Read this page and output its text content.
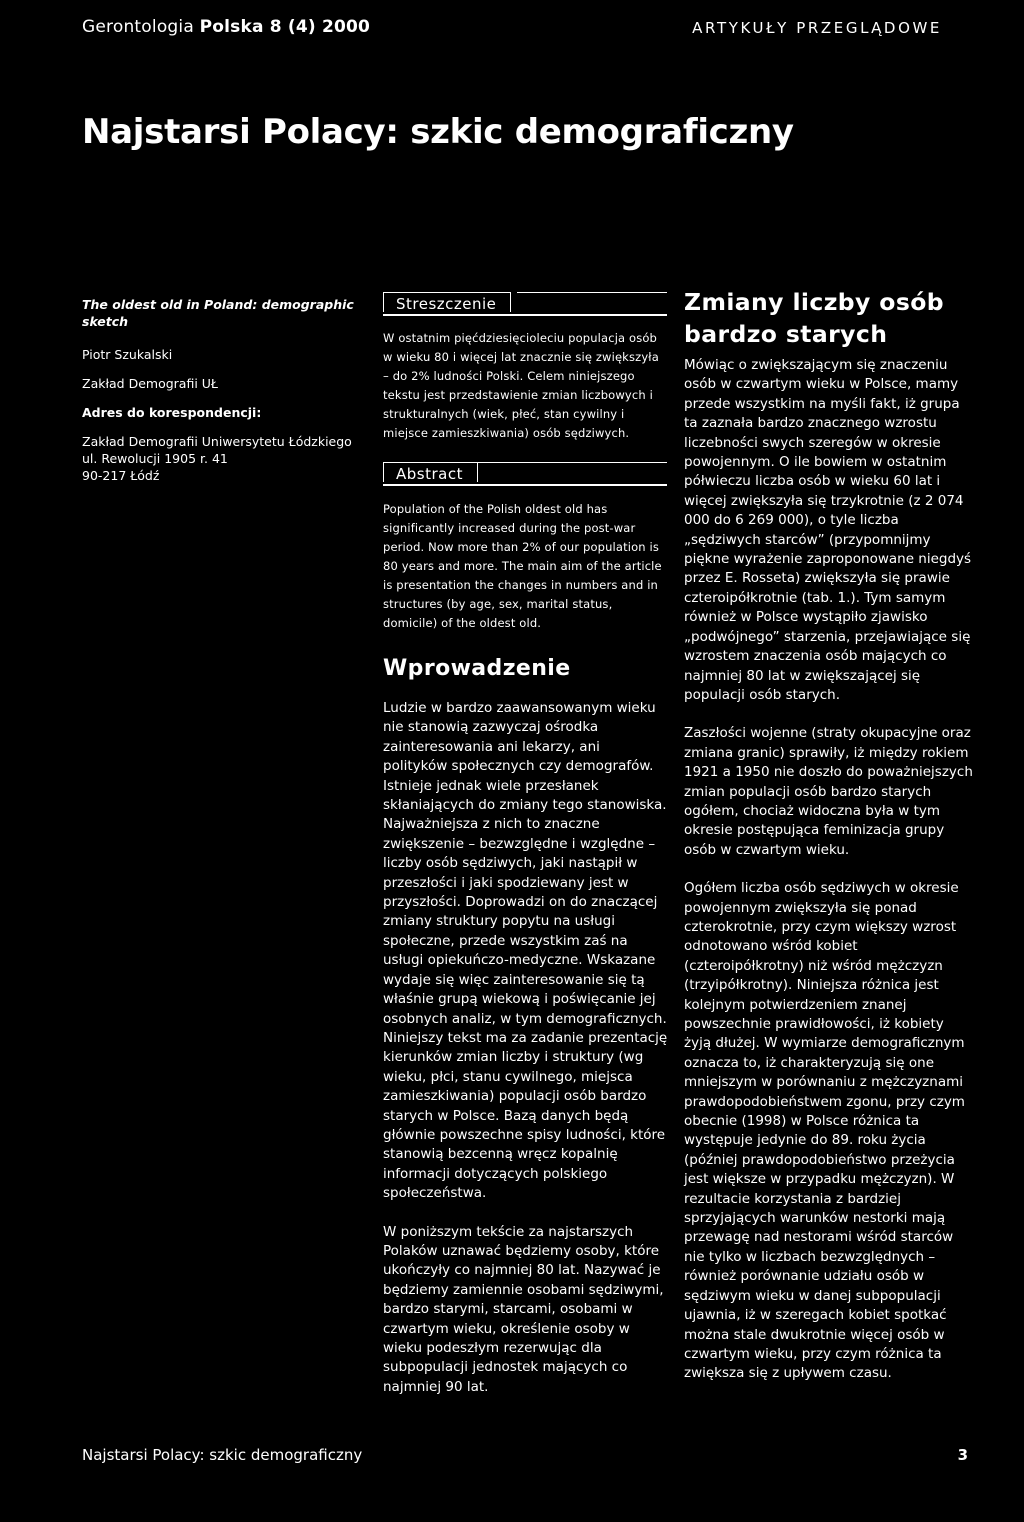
Gerontologia Polska 8 (4) 2000	ARTYKUŁY PRZEGLĄDOWE
Najstarsi Polacy: szkic demograficzny

The oldest old in Poland: demographic sketch

Piotr Szukalski

Zakład Demografii UŁ

Adres do korespondencji:

Zakład Demografii Uniwersytetu Łódzkiego

ul. Rewolucji 1905 r. 41

90-217 Łódź

Streszczenie
W ostatnim pięćdziesięcioleciu populacja osób w wieku 80 i więcej lat znacznie się zwiększyła – do 2% ludności Polski. Celem niniejszego tekstu jest przedstawienie zmian liczbowych i strukturalnych (wiek, płeć, stan cywilny i miejsce zamieszkiwania) osób sędziwych.
Abstract
Population of the Polish oldest old has significantly increased during the post-war period. Now more than 2% of our population is 80 years and more. The main aim of the article is presentation the changes in numbers and in structures (by age, sex, marital status, domicile) of the oldest old.
Wprowadzenie

Ludzie w bardzo zaawansowanym wieku nie stanowią zazwyczaj ośrodka zainteresowania ani lekarzy, ani polityków społecznych czy demografów. Istnieje jednak wiele przesłanek skłaniających do zmiany tego stanowiska. Najważniejsza z nich to znaczne zwiększenie – bezwzględne i względne – liczby osób sędziwych, jaki nastąpił w przeszłości i jaki spodziewany jest w przyszłości. Doprowadzi on do znaczącej zmiany struktury popytu na usługi społeczne, przede wszystkim zaś na usługi opiekuńczo-medyczne. Wskazane wydaje się więc zainteresowanie się tą właśnie grupą wiekową i poświęcanie jej osobnych analiz, w tym demograficznych. Niniejszy tekst ma za zadanie prezentację kierunków zmian liczby i struktury (wg wieku, płci, stanu cywilnego, miejsca zamieszkiwania) populacji osób bardzo starych w Polsce. Bazą danych będą głównie powszechne spisy ludności, które stanowią bezcenną wręcz kopalnię informacji dotyczących polskiego społeczeństwa.

W poniższym tekście za najstarszych Polaków uznawać będziemy osoby, które ukończyły co najmniej 80 lat. Nazywać je będziemy zamiennie osobami sędziwymi, bardzo starymi, starcami, osobami w czwartym wieku, określenie osoby w wieku podeszłym rezerwując dla subpopulacji jednostek mających co najmniej 90 lat.

Zmiany liczby osób bardzo starych

Mówiąc o zwiększającym się znaczeniu osób w czwartym wieku w Polsce, mamy przede wszystkim na myśli fakt, iż grupa ta zaznała bardzo znacznego wzrostu liczebności swych szeregów w okresie powojennym. O ile bowiem w ostatnim półwieczu liczba osób w wieku 60 lat i więcej zwiększyła się trzykrotnie (z 2 074 000 do 6 269 000), o tyle liczba „sędziwych starców” (przypomnijmy piękne wyrażenie zaproponowane niegdyś przez E. Rosseta) zwiększyła się prawie czteroipółkrotnie (tab. 1.). Tym samym również w Polsce wystąpiło zjawisko „podwójnego” starzenia, przejawiające się wzrostem znaczenia osób mających co najmniej 80 lat w zwiększającej się populacji osób starych.

Zaszłości wojenne (straty okupacyjne oraz zmiana granic) sprawiły, iż między rokiem 1921 a 1950 nie doszło do poważniejszych zmian populacji osób bardzo starych ogółem, chociaż widoczna była w tym okresie postępująca feminizacja grupy osób w czwartym wieku.

Ogółem liczba osób sędziwych w okresie powojennym zwiększyła się ponad czterokrotnie, przy czym większy wzrost odnotowano wśród kobiet (czteroipółkrotny) niż wśród mężczyzn (trzyipółkrotny). Niniejsza różnica jest kolejnym potwierdzeniem znanej powszechnie prawidłowości, iż kobiety żyją dłużej. W wymiarze demograficznym oznacza to, iż charakteryzują się one mniejszym w porównaniu z mężczyznami prawdopodobieństwem zgonu, przy czym obecnie (1998) w Polsce różnica ta występuje jedynie do 89. roku życia (później prawdopodobieństwo przeżycia jest większe w przypadku mężczyzn). W rezultacie korzystania z bardziej sprzyjających warunków nestorki mają przewagę nad nestorami wśród starców nie tylko w liczbach bezwzględnych – również porównanie udziału osób w sędziwym wieku w danej subpopulacji ujawnia, iż w szeregach kobiet spotkać można stale dwukrotnie więcej osób w czwartym wieku, przy czym różnica ta zwiększa się z upływem czasu.

Najstarsi Polacy: szkic demograficzny	3
